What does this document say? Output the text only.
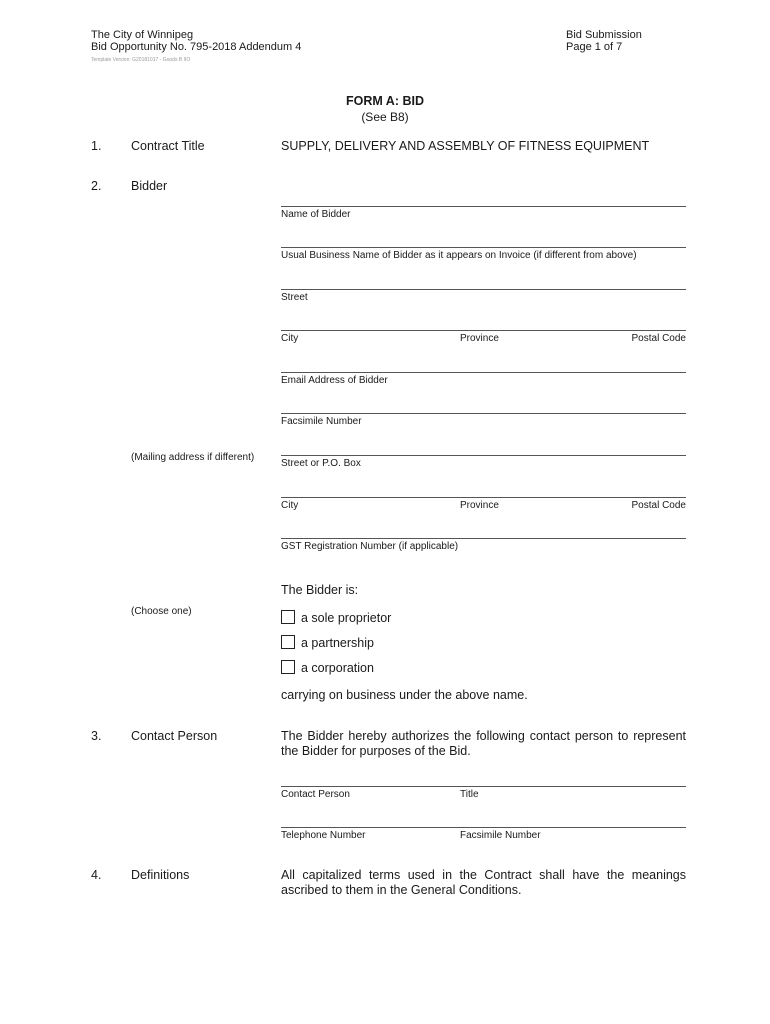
The City of Winnipeg
Bid Opportunity No. 795-2018 Addendum 4
Template Version: G20181017 - Goods B IIO
Bid Submission
Page 1 of 7
FORM A: BID
(See B8)
1. Contract Title	SUPPLY, DELIVERY AND ASSEMBLY OF FITNESS EQUIPMENT
2. Bidder
Name of Bidder
Usual Business Name of Bidder as it appears on Invoice (if different from above)
Street
City	Province	Postal Code
Email Address of Bidder
Facsimile Number
(Mailing address if different)
Street or P.O. Box
City	Province	Postal Code
GST Registration Number (if applicable)
The Bidder is:
(Choose one)	a sole proprietor
a partnership
a corporation
carrying on business under the above name.
3. Contact Person	The Bidder hereby authorizes the following contact person to represent the Bidder for purposes of the Bid.
Contact Person	Title
Telephone Number	Facsimile Number
4. Definitions	All capitalized terms used in the Contract shall have the meanings ascribed to them in the General Conditions.
